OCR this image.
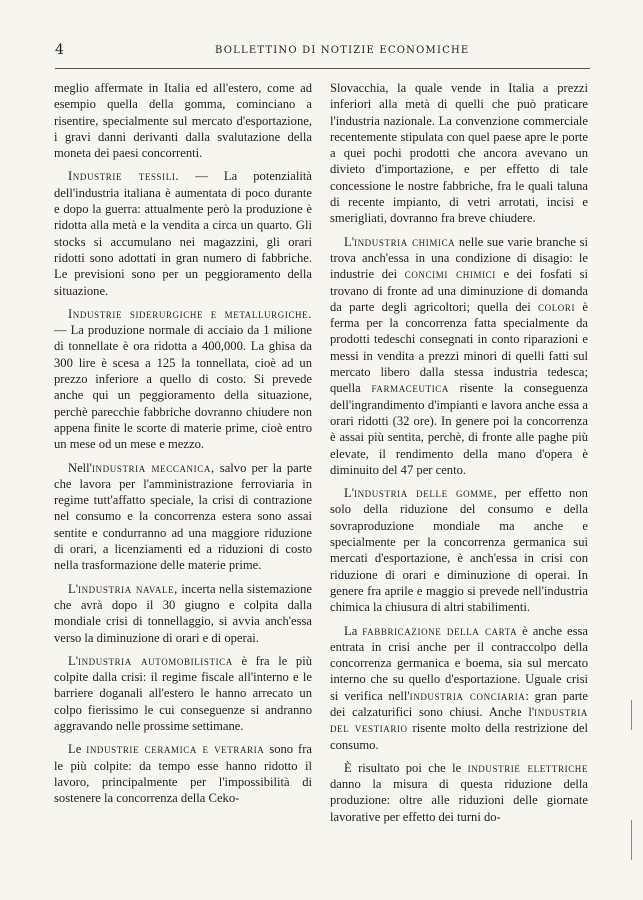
4	BOLLETTINO DI NOTIZIE ECONOMICHE

meglio affermate in Italia ed all'estero, come ad esempio quella della gomma, cominciano a risentire, specialmente sul mercato d'esportazione, i gravi danni derivanti dalla svalutazione della moneta dei paesi concorrenti.

Industrie tessili. — La potenzialità dell'industria italiana è aumentata di poco durante e dopo la guerra: attualmente però la produzione è ridotta alla metà e la vendita a circa un quarto. Gli stocks si accumulano nei magazzini, gli orari ridotti sono adottati in gran numero di fabbriche. Le previsioni sono per un peggioramento della situazione.

Industrie siderurgiche e metallurgiche. — La produzione normale di acciaio da 1 milione di tonnellate è ora ridotta a 400,000. La ghisa da 300 lire è scesa a 125 la tonnellata, cioè ad un prezzo inferiore a quello di costo. Si prevede anche qui un peggioramento della situazione, perchè parecchie fabbriche dovranno chiudere non appena finite le scorte di materie prime, cioè entro un mese od un mese e mezzo.

Nell'industria meccanica, salvo per la parte che lavora per l'amministrazione ferroviaria in regime tutt'affatto speciale, la crisi di contrazione nel consumo e la concorrenza estera sono assai sentite e condurranno ad una maggiore riduzione di orari, a licenziamenti ed a riduzioni di costo nella trasformazione delle materie prime.

L'industria navale, incerta nella sistemazione che avrà dopo il 30 giugno e colpita dalla mondiale crisi di tonnellaggio, si avvia anch'essa verso la diminuzione di orari e di operai.

L'industria automobilistica è fra le più colpite dalla crisi: il regime fiscale all'interno e le barriere doganali all'estero le hanno arrecato un colpo fierissimo le cui conseguenze si andranno aggravando nelle prossime settimane.

Le industrie ceramica e vetraria sono fra le più colpite: da tempo esse hanno ridotto il lavoro, principalmente per l'impossibilità di sostenere la concorrenza della Ceko-

Slovacchia, la quale vende in Italia a prezzi inferiori alla metà di quelli che può praticare l'industria nazionale. La convenzione commerciale recentemente stipulata con quel paese apre le porte a quei pochi prodotti che ancora avevano un divieto d'importazione, e per effetto di tale concessione le nostre fabbriche, fra le quali taluna di recente impianto, di vetri arrotati, incisi e smerigliati, dovranno fra breve chiudere.

L'industria chimica nelle sue varie branche si trova anch'essa in una condizione di disagio: le industrie dei concimi chimici e dei fosfati si trovano di fronte ad una diminuzione di domanda da parte degli agricoltori; quella dei colori è ferma per la concorrenza fatta specialmente da prodotti tedeschi consegnati in conto riparazioni e messi in vendita a prezzi minori di quelli fatti sul mercato libero dalla stessa industria tedesca; quella farmaceutica risente la conseguenza dell'ingrandimento d'impianti e lavora anche essa a orari ridotti (32 ore). In genere poi la concorrenza è assai più sentita, perchè, di fronte alle paghe più elevate, il rendimento della mano d'opera è diminuito del 47 per cento.

L'industria delle gomme, per effetto non solo della riduzione del consumo e della sovraproduzione mondiale ma anche e specialmente per la concorrenza germanica sui mercati d'esportazione, è anch'essa in crisi con riduzione di orari e diminuzione di operai. In genere fra aprile e maggio si prevede nell'industria chimica la chiusura di altri stabilimenti.

La fabbricazione della carta è anche essa entrata in crisi anche per il contraccolpo della concorrenza germanica e boema, sia sul mercato interno che su quello d'esportazione. Uguale crisi si verifica nell'industria conciaria: gran parte dei calzaturifici sono chiusi. Anche l'industria del vestiario risente molto della restrizione del consumo.

È risultato poi che le industrie elettriche danno la misura di questa riduzione della produzione: oltre alle riduzioni delle giornate lavorative per effetto dei turni do-
